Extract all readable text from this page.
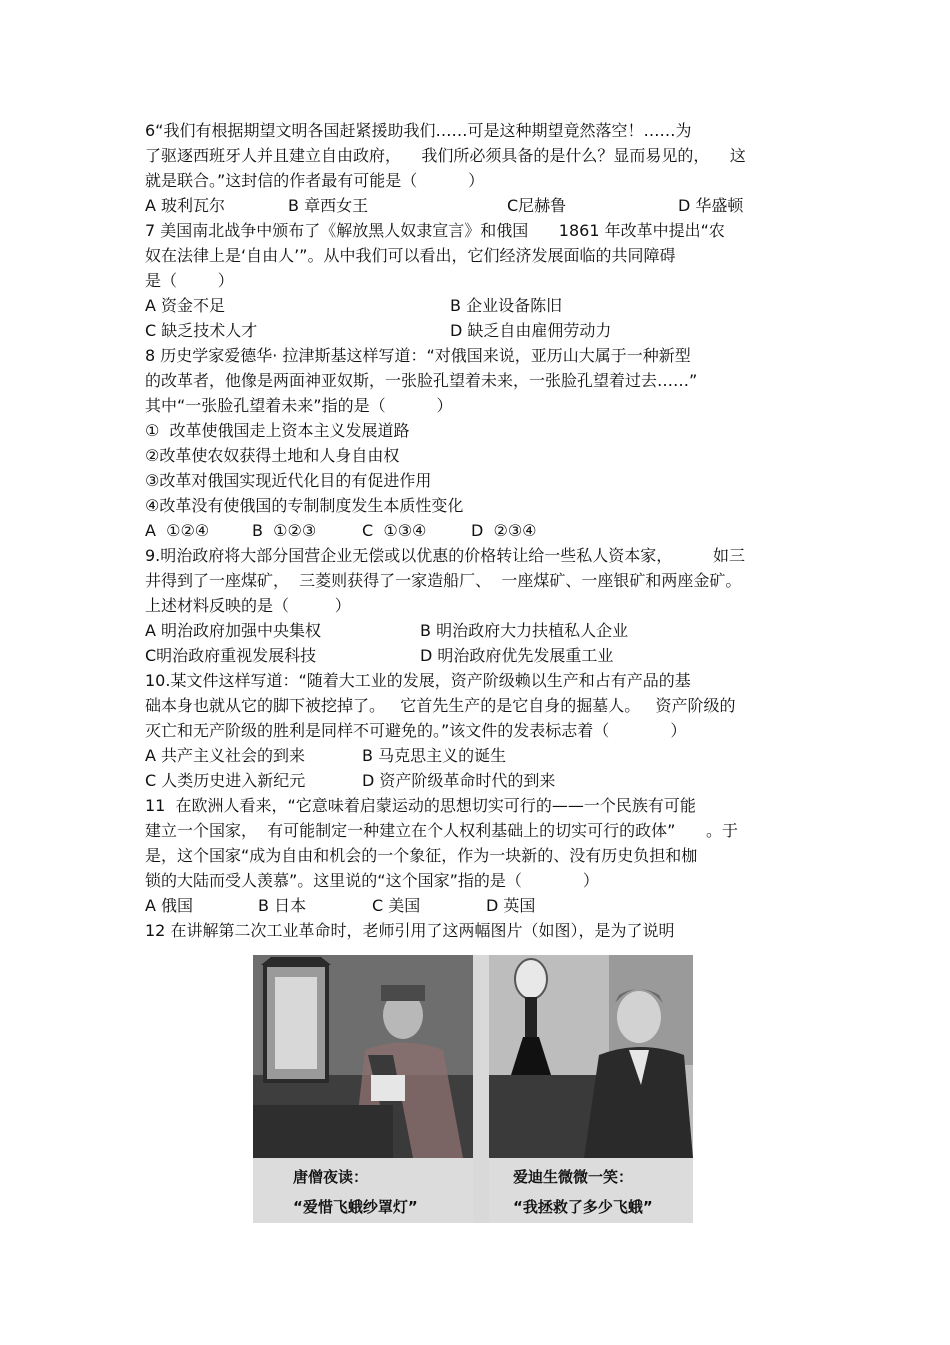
6“我们有根据期望文明各国赶紧援助我们……可是这种期望竟然落空！……为
了驱逐西班牙人并且建立自由政府，    我们所必须具备的是什么？显而易见的，    这
就是联合。”这封信的作者最有可能是（          ）
A 玻利瓦尔	B 章西女王	C尼赫鲁	D 华盛顿
7 美国南北战争中颁布了《解放黑人奴隶宣言》和俄国      1861 年改革中提出“农
奴在法律上是‘自由人’”。从中我们可以看出，它们经济发展面临的共同障碍
是（        ）
A 资金不足	B 企业设备陈旧
C 缺乏技术人才	D 缺乏自由雇佣劳动力
8 历史学家爱德华· 拉津斯基这样写道：“对俄国来说，亚历山大属于一种新型
的改革者，他像是两面神亚奴斯，一张脸孔望着未来，一张脸孔望着过去……”
其中“一张脸孔望着未来”指的是（          ）
①  改革使俄国走上资本主义发展道路
②改革使农奴获得土地和人身自由权
③改革对俄国实现近代化目的有促进作用
④改革没有使俄国的专制制度发生本质性变化
A  ①②④	B  ①②③	C  ①③④	D  ②③④
9.明治政府将大部分国营企业无偿或以优惠的价格转让给一些私人资本家，        如三
井得到了一座煤矿，  三菱则获得了一家造船厂、  一座煤矿、一座银矿和两座金矿。
上述材料反映的是（         ）
A 明治政府加强中央集权	B 明治政府大力扶植私人企业
C明治政府重视发展科技	D 明治政府优先发展重工业
10.某文件这样写道：“随着大工业的发展，资产阶级赖以生产和占有产品的基
础本身也就从它的脚下被挖掉了。   它首先生产的是它自身的掘墓人。   资产阶级的
灭亡和无产阶级的胜利是同样不可避免的。”该文件的发表标志着（            ）
A 共产主义社会的到来	B 马克思主义的诞生
C 人类历史进入新纪元	D 资产阶级革命时代的到来
11  在欧洲人看来，“它意味着启蒙运动的思想切实可行的——一个民族有可能
建立一个国家，  有可能制定一种建立在个人权利基础上的切实可行的政体”      。于
是，这个国家“成为自由和机会的一个象征，作为一块新的、没有历史负担和枷
锁的大陆而受人羡慕”。这里说的“这个国家”指的是（            ）
A 俄国	B 日本	C 美国	D 英国
12 在讲解第二次工业革命时，老师引用了这两幅图片（如图），是为了说明
唐僧夜读：
“爱惜飞蛾纱罩灯”
爱迪生微微一笑：
“我拯救了多少飞蛾”
